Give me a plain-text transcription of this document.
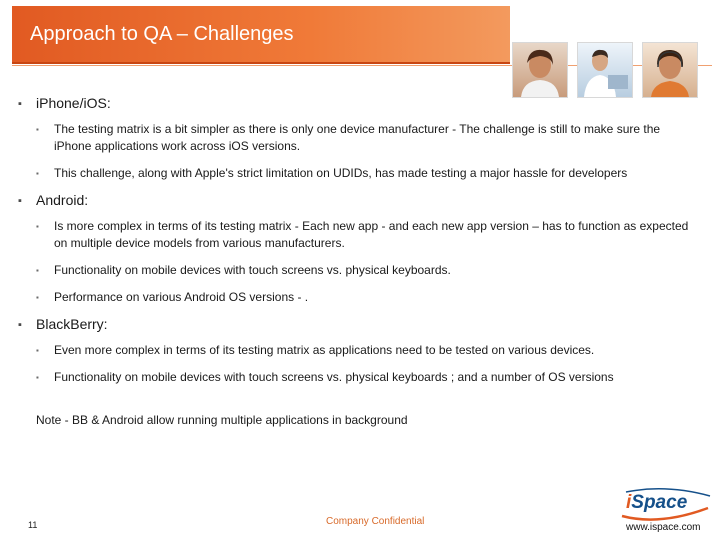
Approach to QA – Challenges
▪ iPhone/iOS:
▪ The testing matrix is a bit simpler as there is only one device manufacturer - The challenge is still to make sure the iPhone applications work across iOS versions.
▪ This challenge, along with Apple's strict limitation on UDIDs, has made testing a major hassle for developers
▪ Android:
▪ Is more complex in terms of its testing matrix - Each new app - and each new app version – has to function as expected on multiple device models from various manufacturers.
▪ Functionality on mobile devices with touch screens vs. physical keyboards.
▪ Performance on various Android OS versions - .
▪ BlackBerry:
▪ Even more complex in terms of its testing matrix as applications need to be tested on various devices.
▪ Functionality on mobile devices with touch screens vs. physical keyboards ; and a number of OS versions
Note - BB & Android allow running multiple applications in background
11	Company Confidential
iSpace
www.ispace.com
